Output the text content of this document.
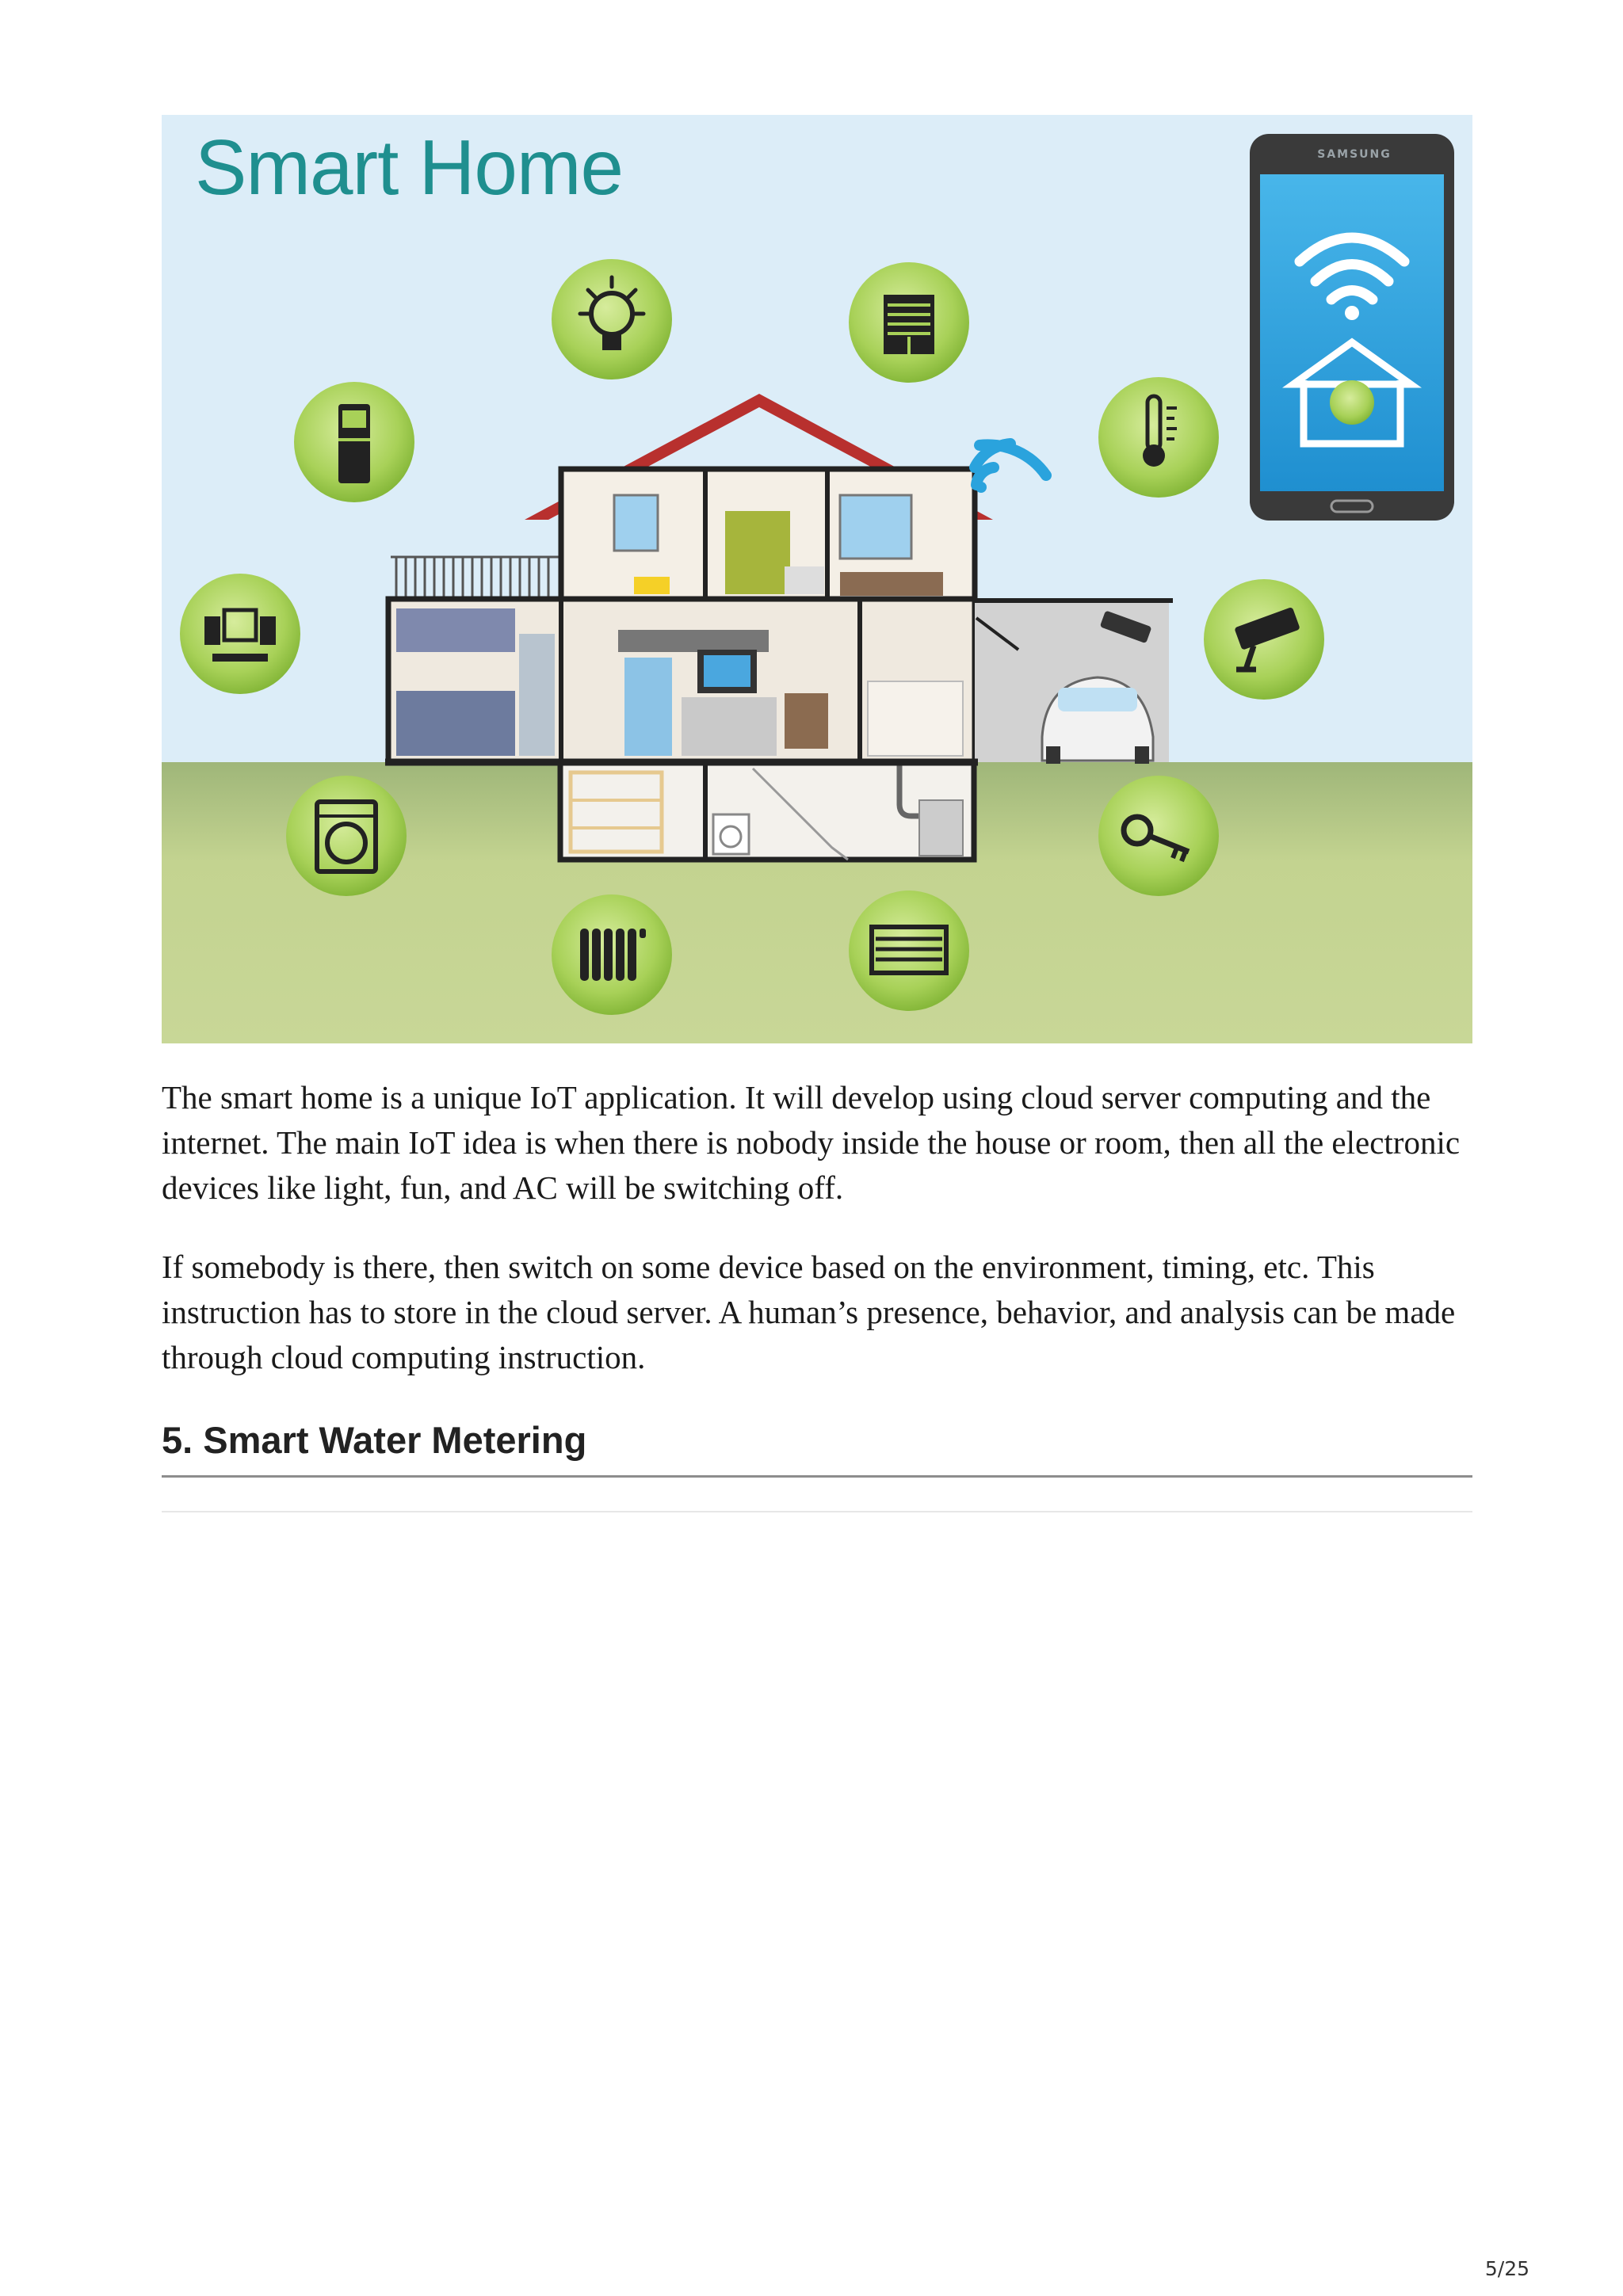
Smart Home	SAMSUNG

The smart home is a unique IoT application. It will develop using cloud server computing and the internet. The main IoT idea is when there is nobody inside the house or room, then all the electronic devices like light, fun, and AC will be switching off.

If somebody is there, then switch on some device based on the environment, timing, etc. This instruction has to store in the cloud server. A human’s presence, behavior, and analysis can be made through cloud computing instruction.

5. Smart Water Metering
5/25
